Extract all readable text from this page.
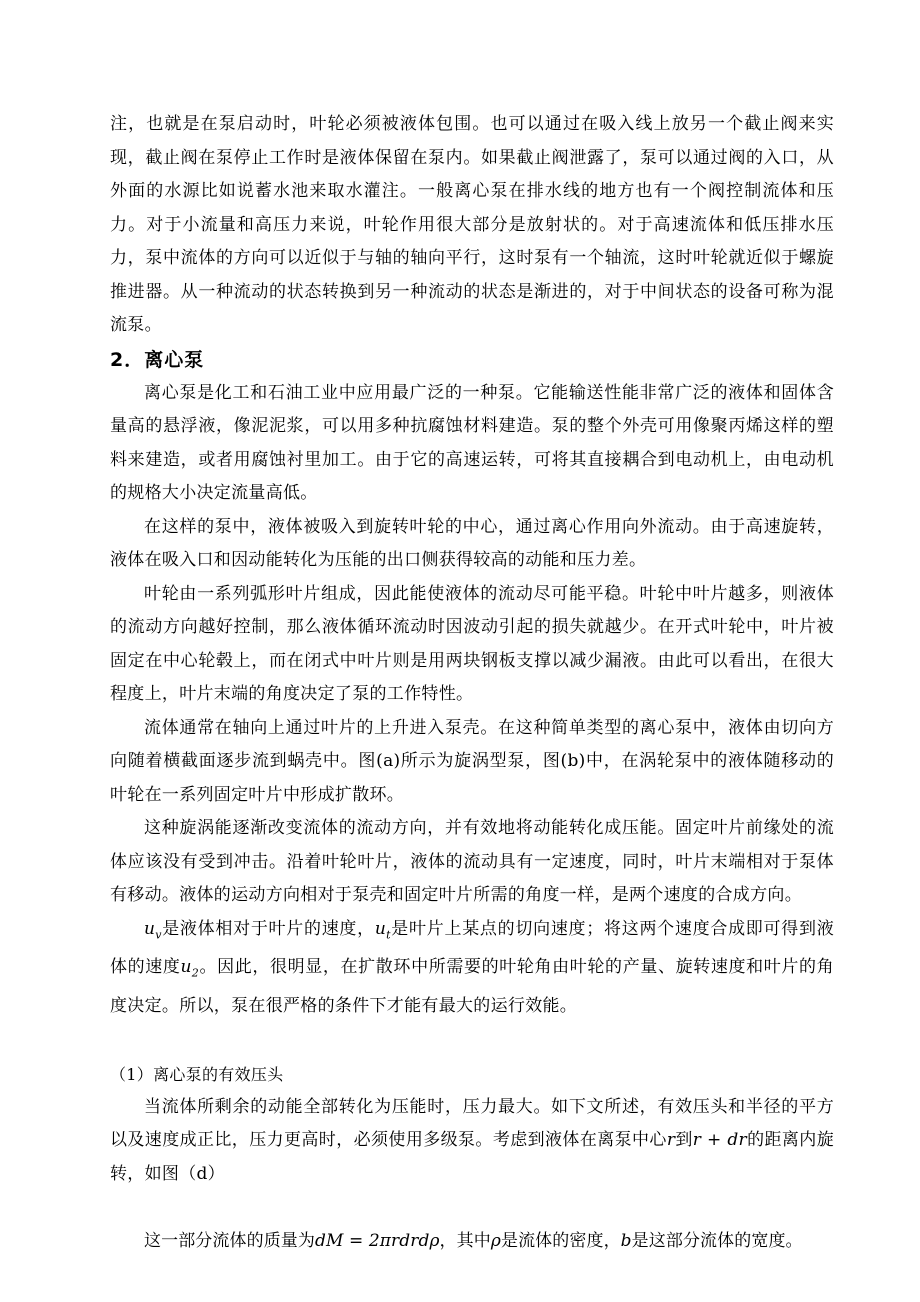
注，也就是在泵启动时，叶轮必须被液体包围。也可以通过在吸入线上放另一个截止阀来实现，截止阀在泵停止工作时是液体保留在泵内。如果截止阀泄露了，泵可以通过阀的入口，从外面的水源比如说蓄水池来取水灌注。一般离心泵在排水线的地方也有一个阀控制流体和压力。对于小流量和高压力来说，叶轮作用很大部分是放射状的。对于高速流体和低压排水压力，泵中流体的方向可以近似于与轴的轴向平行，这时泵有一个轴流，这时叶轮就近似于螺旋推进器。从一种流动的状态转换到另一种流动的状态是渐进的，对于中间状态的设备可称为混流泵。

2．离心泵

离心泵是化工和石油工业中应用最广泛的一种泵。它能输送性能非常广泛的液体和固体含量高的悬浮液，像泥泥浆，可以用多种抗腐蚀材料建造。泵的整个外壳可用像聚丙烯这样的塑料来建造，或者用腐蚀衬里加工。由于它的高速运转，可将其直接耦合到电动机上，由电动机的规格大小决定流量高低。

在这样的泵中，液体被吸入到旋转叶轮的中心，通过离心作用向外流动。由于高速旋转，液体在吸入口和因动能转化为压能的出口侧获得较高的动能和压力差。

叶轮由一系列弧形叶片组成，因此能使液体的流动尽可能平稳。叶轮中叶片越多，则液体的流动方向越好控制，那么液体循环流动时因波动引起的损失就越少。在开式叶轮中，叶片被固定在中心轮毂上，而在闭式中叶片则是用两块钢板支撑以减少漏液。由此可以看出，在很大程度上，叶片末端的角度决定了泵的工作特性。

流体通常在轴向上通过叶片的上升进入泵壳。在这种简单类型的离心泵中，液体由切向方向随着横截面逐步流到蜗壳中。图(a)所示为旋涡型泵，图(b)中，在涡轮泵中的液体随移动的叶轮在一系列固定叶片中形成扩散环。

这种旋涡能逐渐改变流体的流动方向，并有效地将动能转化成压能。固定叶片前缘处的流体应该没有受到冲击。沿着叶轮叶片，液体的流动具有一定速度，同时，叶片末端相对于泵体有移动。液体的运动方向相对于泵壳和固定叶片所需的角度一样，是两个速度的合成方向。

$u_v$是液体相对于叶片的速度，$u_t$是叶片上某点的切向速度；将这两个速度合成即可得到液体的速度$u_2$。因此，很明显，在扩散环中所需要的叶轮角由叶轮的产量、旋转速度和叶片的角度决定。所以，泵在很严格的条件下才能有最大的运行效能。

（1）离心泵的有效压头

当流体所剩余的动能全部转化为压能时，压力最大。如下文所述，有效压头和半径的平方以及速度成正比，压力更高时，必须使用多级泵。考虑到液体在离泵中心r到r + dr的距离内旋转，如图（d）

这一部分流体的质量为dM = 2πrdrdρ，其中ρ是流体的密度，b是这部分流体的宽度。
